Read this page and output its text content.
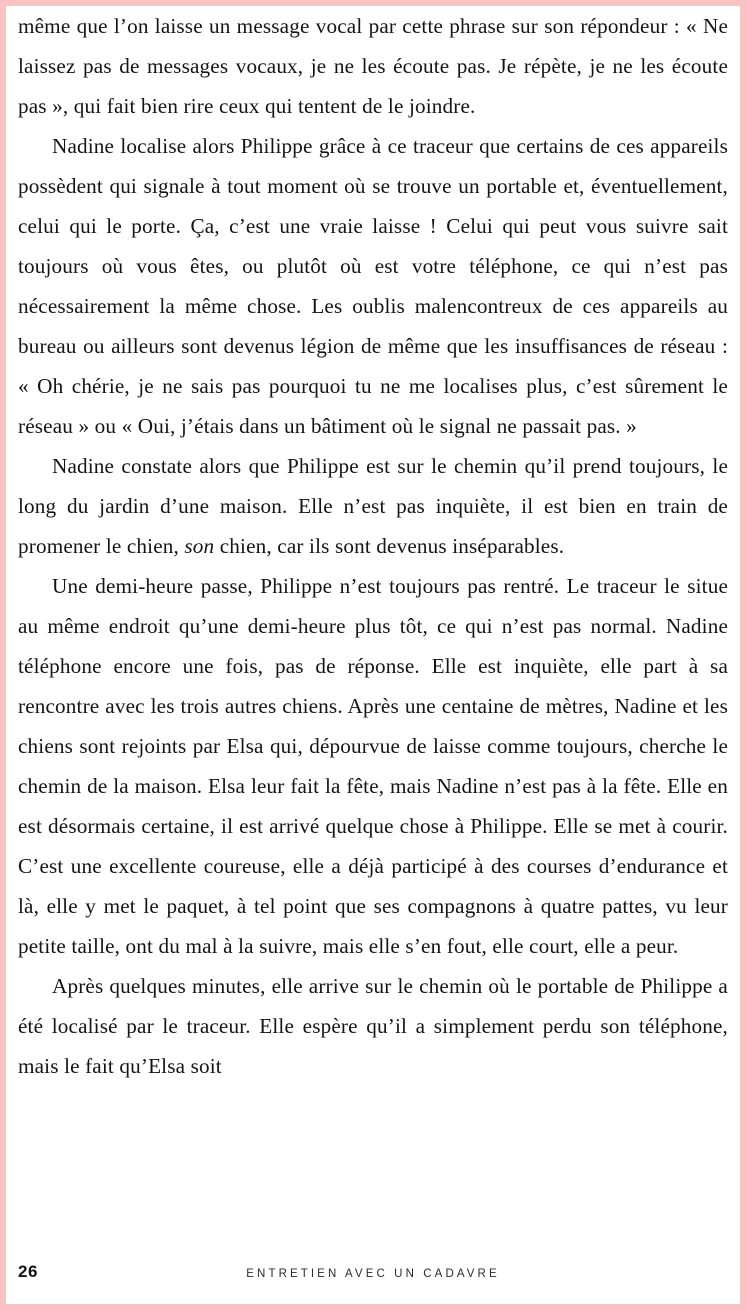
même que l’on laisse un message vocal par cette phrase sur son répondeur : « Ne laissez pas de messages vocaux, je ne les écoute pas. Je répète, je ne les écoute pas », qui fait bien rire ceux qui tentent de le joindre.

Nadine localise alors Philippe grâce à ce traceur que certains de ces appareils possèdent qui signale à tout moment où se trouve un portable et, éventuellement, celui qui le porte. Ça, c’est une vraie laisse ! Celui qui peut vous suivre sait toujours où vous êtes, ou plutôt où est votre téléphone, ce qui n’est pas nécessairement la même chose. Les oublis malencontreux de ces appareils au bureau ou ailleurs sont devenus légion de même que les insuffisances de réseau : « Oh chérie, je ne sais pas pourquoi tu ne me localises plus, c’est sûrement le réseau » ou « Oui, j’étais dans un bâtiment où le signal ne passait pas. »

Nadine constate alors que Philippe est sur le chemin qu’il prend toujours, le long du jardin d’une maison. Elle n’est pas inquiète, il est bien en train de promener le chien, son chien, car ils sont devenus inséparables.

Une demi-heure passe, Philippe n’est toujours pas rentré. Le traceur le situe au même endroit qu’une demi-heure plus tôt, ce qui n’est pas normal. Nadine téléphone encore une fois, pas de réponse. Elle est inquiète, elle part à sa rencontre avec les trois autres chiens. Après une centaine de mètres, Nadine et les chiens sont rejoints par Elsa qui, dépourvue de laisse comme toujours, cherche le chemin de la maison. Elsa leur fait la fête, mais Nadine n’est pas à la fête. Elle en est désormais certaine, il est arrivé quelque chose à Philippe. Elle se met à courir. C’est une excellente coureuse, elle a déjà participé à des courses d’endurance et là, elle y met le paquet, à tel point que ses compagnons à quatre pattes, vu leur petite taille, ont du mal à la suivre, mais elle s’en fout, elle court, elle a peur.

Après quelques minutes, elle arrive sur le chemin où le portable de Philippe a été localisé par le traceur. Elle espère qu’il a simplement perdu son téléphone, mais le fait qu’Elsa soit

26	ENTRETIEN AVEC UN CADAVRE
